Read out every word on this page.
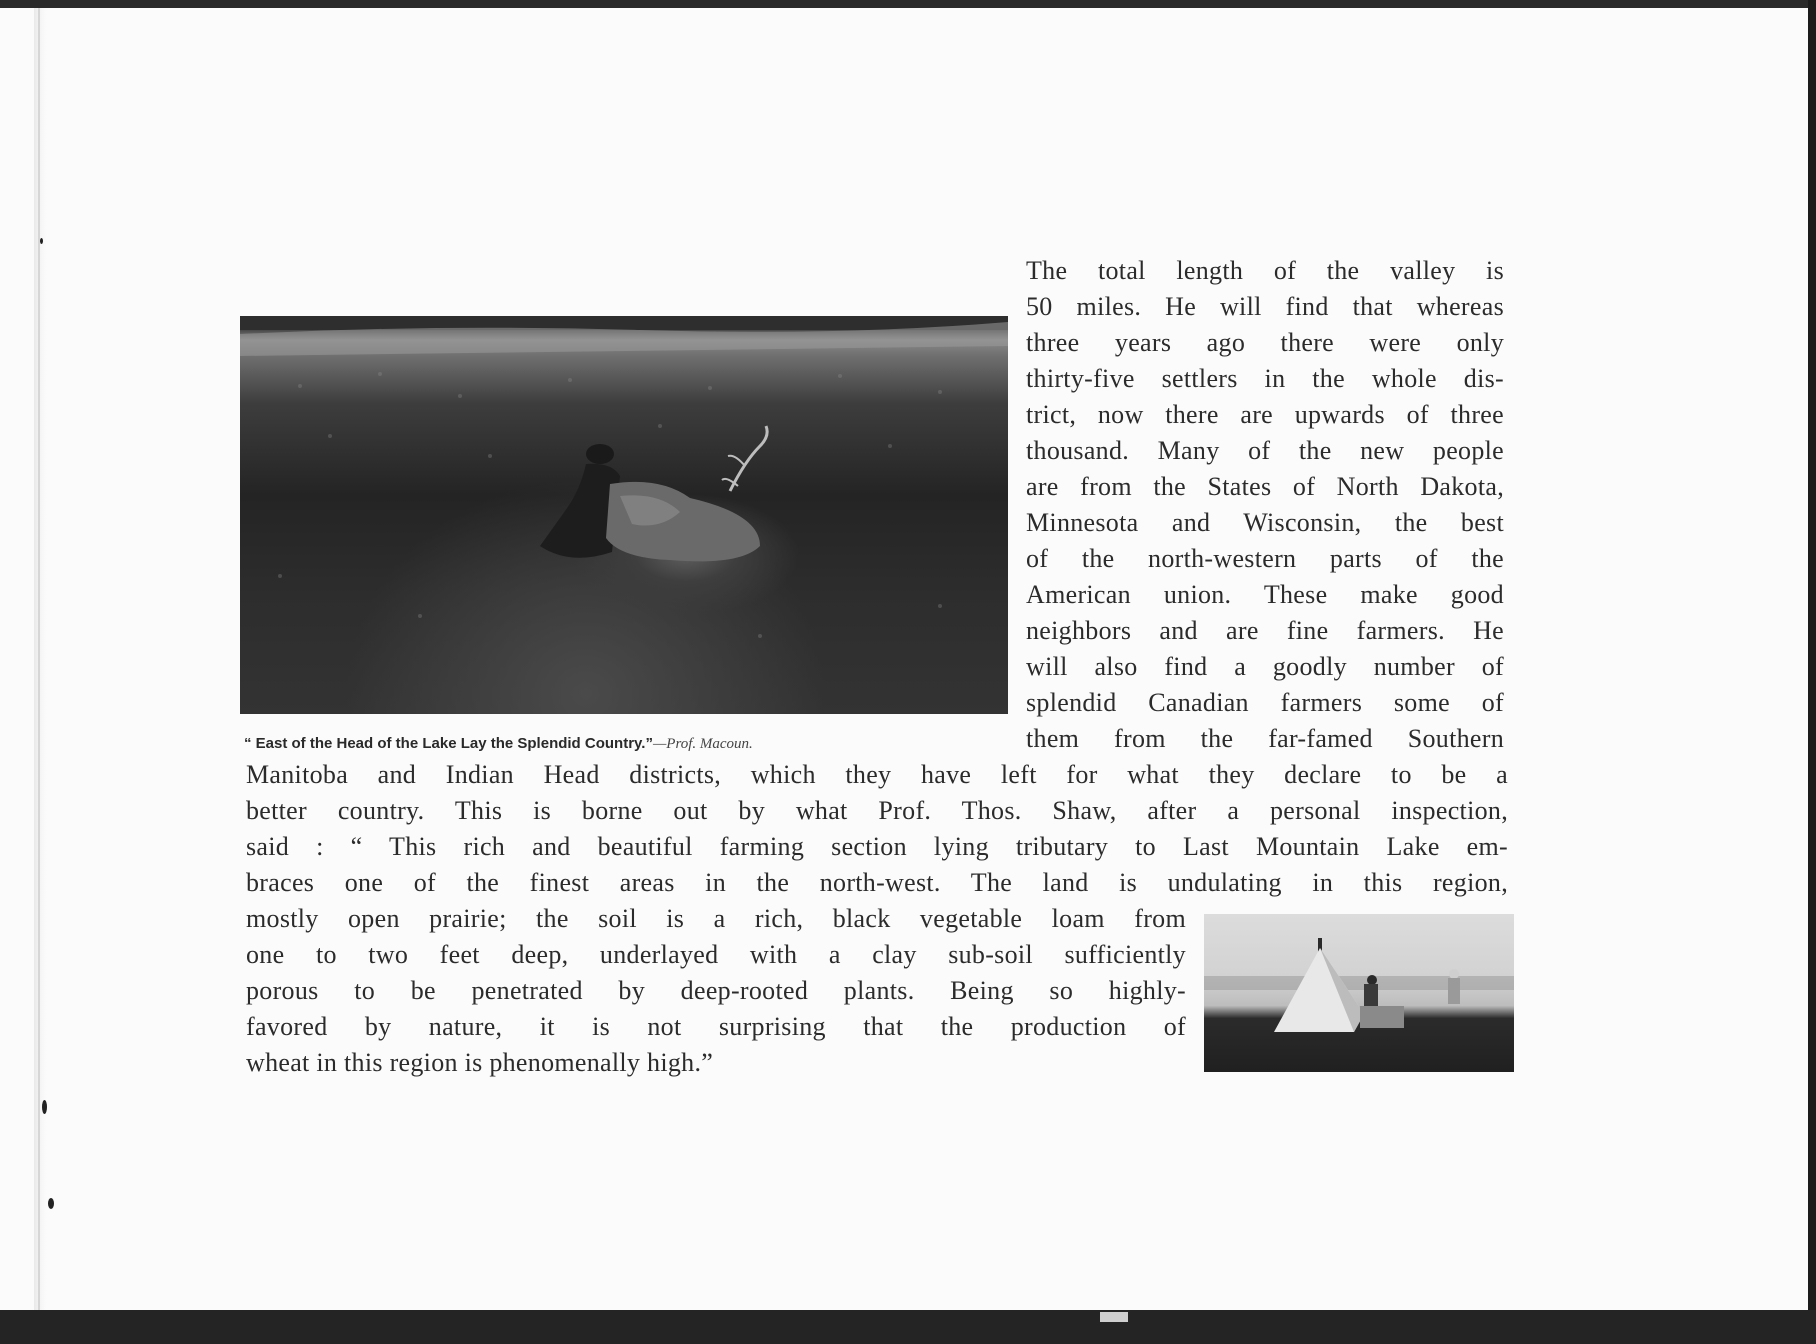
“ East of the Head of the Lake Lay the Splendid Country.”—Prof. Macoun.
The total length of the valley is
50 miles. He will find that whereas
three years ago there were only
thirty-five settlers in the whole dis-
trict, now there are upwards of three
thousand. Many of the new people
are from the States of North Dakota,
Minnesota and Wisconsin, the best
of the north-western parts of the
American union. These make good
neighbors and are fine farmers. He
will also find a goodly number of
splendid Canadian farmers some of
them from the far-famed Southern
Manitoba and Indian Head districts, which they have left for what they declare to be a
better country. This is borne out by what Prof. Thos. Shaw, after a personal inspection,
said : “ This rich and beautiful farming section lying tributary to Last Mountain Lake em-
braces one of the finest areas in the north-west. The land is undulating in this region,
mostly open prairie; the soil is a rich, black vegetable loam from
one to two feet deep, underlayed with a clay sub-soil sufficiently
porous to be penetrated by deep-rooted plants. Being so highly-
favored by nature, it is not surprising that the production of
wheat in this region is phenomenally high.”
